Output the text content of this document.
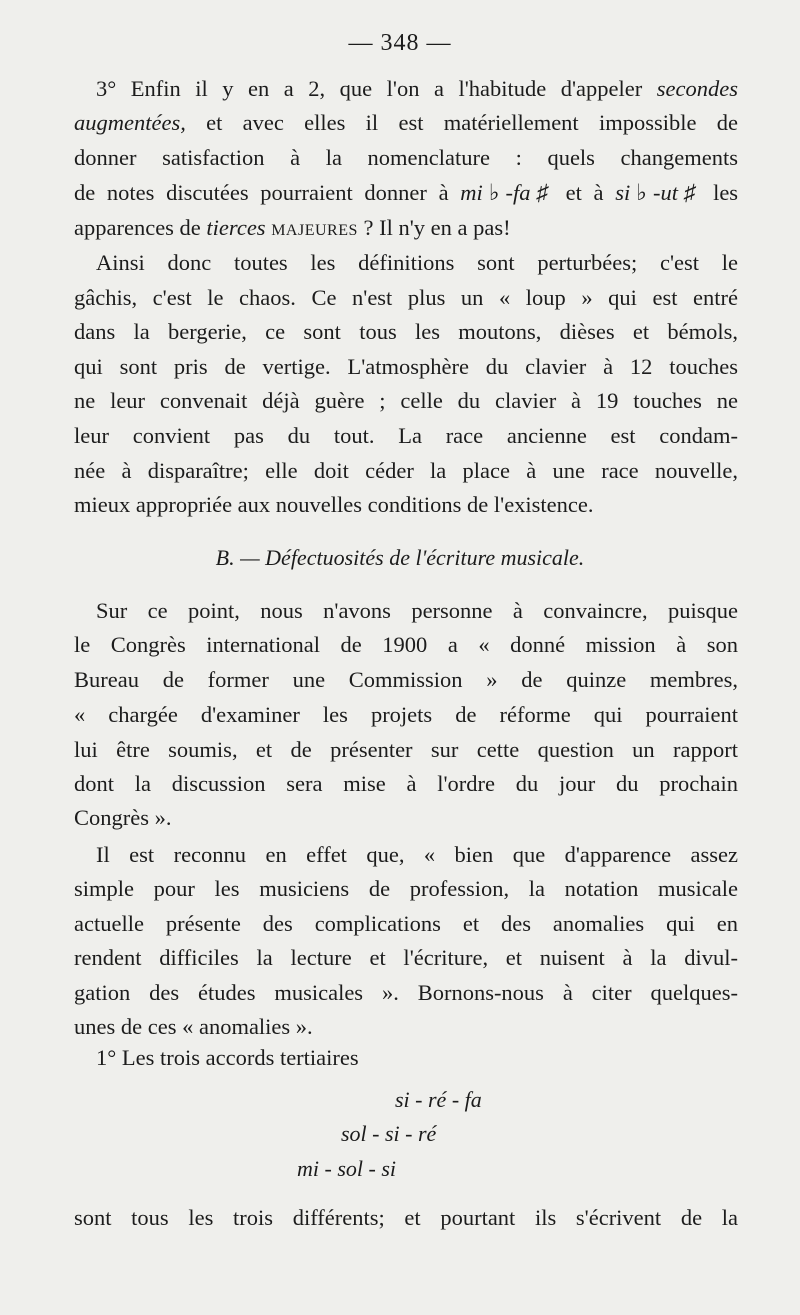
— 348 —
3° Enfin il y en a 2, que l'on a l'habitude d'appeler secondes
augmentées, et avec elles il est matériellement impossible de
donner satisfaction à la nomenclature : quels changements
de notes discutées pourraient donner à mi♭-fa♯ et à si♭-ut♯ les
apparences de tierces majeures ? Il n'y en a pas!
Ainsi donc toutes les définitions sont perturbées; c'est le
gâchis, c'est le chaos. Ce n'est plus un « loup » qui est entré
dans la bergerie, ce sont tous les moutons, dièses et bémols,
qui sont pris de vertige. L'atmosphère du clavier à 12 touches
ne leur convenait déjà guère ; celle du clavier à 19 touches ne
leur convient pas du tout. La race ancienne est condam-
née à disparaître; elle doit céder la place à une race nouvelle,
mieux appropriée aux nouvelles conditions de l'existence.
B. — Défectuosités de l'écriture musicale.
Sur ce point, nous n'avons personne à convaincre, puisque
le Congrès international de 1900 a « donné mission à son
Bureau de former une Commission » de quinze membres,
« chargée d'examiner les projets de réforme qui pourraient
lui être soumis, et de présenter sur cette question un rapport
dont la discussion sera mise à l'ordre du jour du prochain
Congrès ».
Il est reconnu en effet que, « bien que d'apparence assez
simple pour les musiciens de profession, la notation musicale
actuelle présente des complications et des anomalies qui en
rendent difficiles la lecture et l'écriture, et nuisent à la divul-
gation des études musicales ». Bornons-nous à citer quelques-
unes de ces « anomalies ».
1° Les trois accords tertiaires
si - ré - fa
sol - si - ré
mi - sol - si
sont tous les trois différents; et pourtant ils s'écrivent de la
